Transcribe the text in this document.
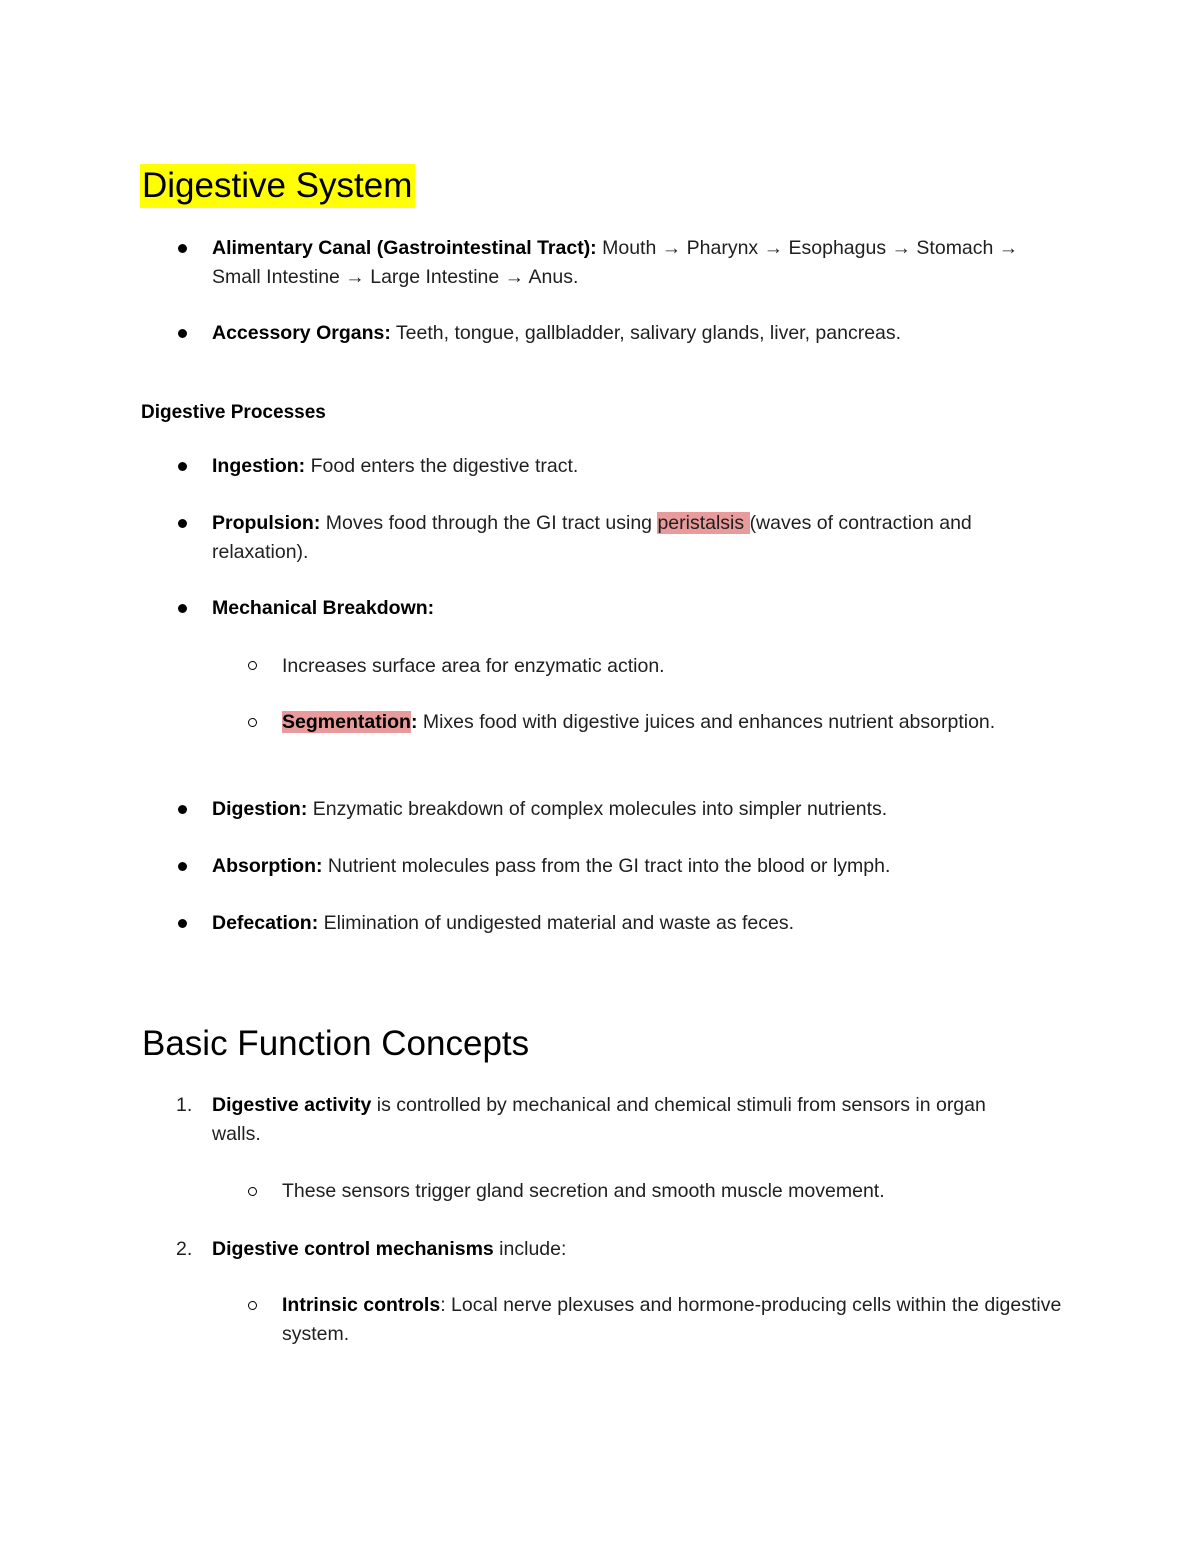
Digestive System

Alimentary Canal (Gastrointestinal Tract): Mouth → Pharynx → Esophagus → Stomach → Small Intestine → Large Intestine → Anus.

Accessory Organs: Teeth, tongue, gallbladder, salivary glands, liver, pancreas.

Digestive Processes

Ingestion: Food enters the digestive tract.

Propulsion: Moves food through the GI tract using peristalsis (waves of contraction and relaxation).

Mechanical Breakdown:

Increases surface area for enzymatic action.

Segmentation: Mixes food with digestive juices and enhances nutrient absorption.

Digestion: Enzymatic breakdown of complex molecules into simpler nutrients.

Absorption: Nutrient molecules pass from the GI tract into the blood or lymph.

Defecation: Elimination of undigested material and waste as feces.

Basic Function Concepts
1. Digestive activity is controlled by mechanical and chemical stimuli from sensors in organ walls.

These sensors trigger gland secretion and smooth muscle movement.

2. Digestive control mechanisms include:

Intrinsic controls: Local nerve plexuses and hormone-producing cells within the digestive system.
